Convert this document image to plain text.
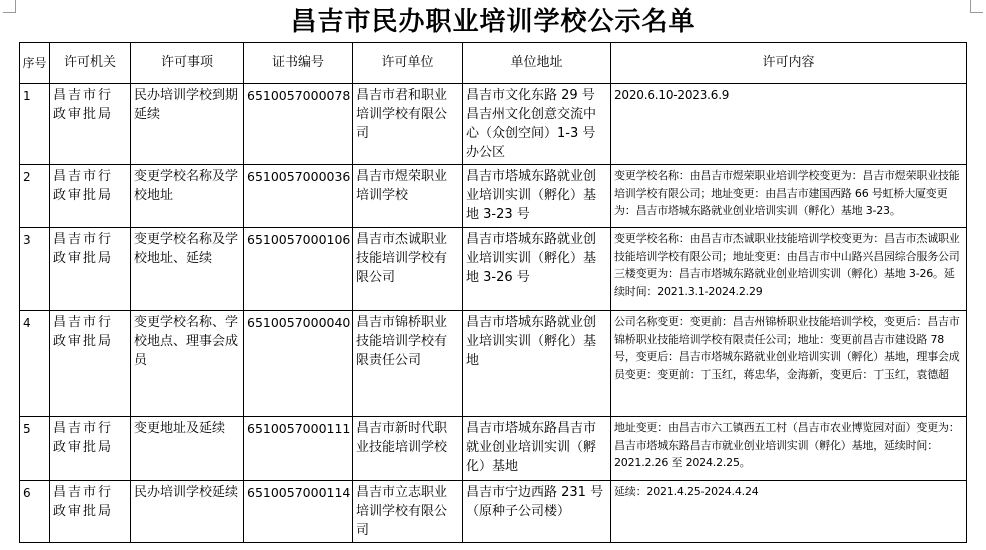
昌吉市民办职业培训学校公示名单
序号	许可机关	许可事项	证书编号	许可单位	单位地址	许可内容
1	昌吉市行政审批局	民办培训学校到期延续	6510057000078	昌吉市君和职业培训学校有限公司	昌吉市文化东路 29 号昌吉州文化创意交流中心（众创空间）1-3 号办公区	2020.6.10-2023.6.9
2	昌吉市行政审批局	变更学校名称及学校地址	6510057000036	昌吉市煜荣职业培训学校	昌吉市塔城东路就业创业培训实训（孵化）基地 3-23 号	变更学校名称：由昌吉市煜荣职业培训学校变更为：昌吉市煜荣职业技能培训学校有限公司；地址变更：由昌吉市建国西路 66 号虹桥大厦变更为：昌吉市塔城东路就业创业培训实训（孵化）基地 3-23。
3	昌吉市行政审批局	变更学校名称及学校地址、延续	6510057000106	昌吉市杰诚职业技能培训学校有限公司	昌吉市塔城东路就业创业培训实训（孵化）基地 3-26 号	变更学校名称：由昌吉市杰诚职业技能培训学校变更为：昌吉市杰诚职业技能培训学校有限公司；地址变更：由昌吉市中山路兴昌园综合服务公司三楼变更为：昌吉市塔城东路就业创业培训实训（孵化）基地 3-26。延续时间：2021.3.1-2024.2.29
4	昌吉市行政审批局	变更学校名称、学校地点、理事会成员	6510057000040	昌吉市锦桥职业技能培训学校有限责任公司	昌吉市塔城东路就业创业培训实训（孵化）基地	公司名称变更：变更前：昌吉州锦桥职业技能培训学校，变更后：昌吉市锦桥职业技能培训学校有限责任公司；地址：变更前昌吉市建设路 78 号，变更后：昌吉市塔城东路就业创业培训实训（孵化）基地，理事会成员变更：变更前：丁玉红，蒋忠华，金海新，变更后：丁玉红，袁德超
5	昌吉市行政审批局	变更地址及延续	6510057000111	昌吉市新时代职业技能培训学校	昌吉市塔城东路昌吉市就业创业培训实训（孵化）基地	地址变更：由昌吉市六工镇西五工村（昌吉市农业博览园对面）变更为：昌吉市塔城东路昌吉市就业创业培训实训（孵化）基地，延续时间：2021.2.26 至 2024.2.25。
6	昌吉市行政审批局	民办培训学校延续	6510057000114	昌吉市立志职业培训学校有限公司	昌吉市宁边西路 231 号（原种子公司楼）	延续：2021.4.25-2024.4.24
